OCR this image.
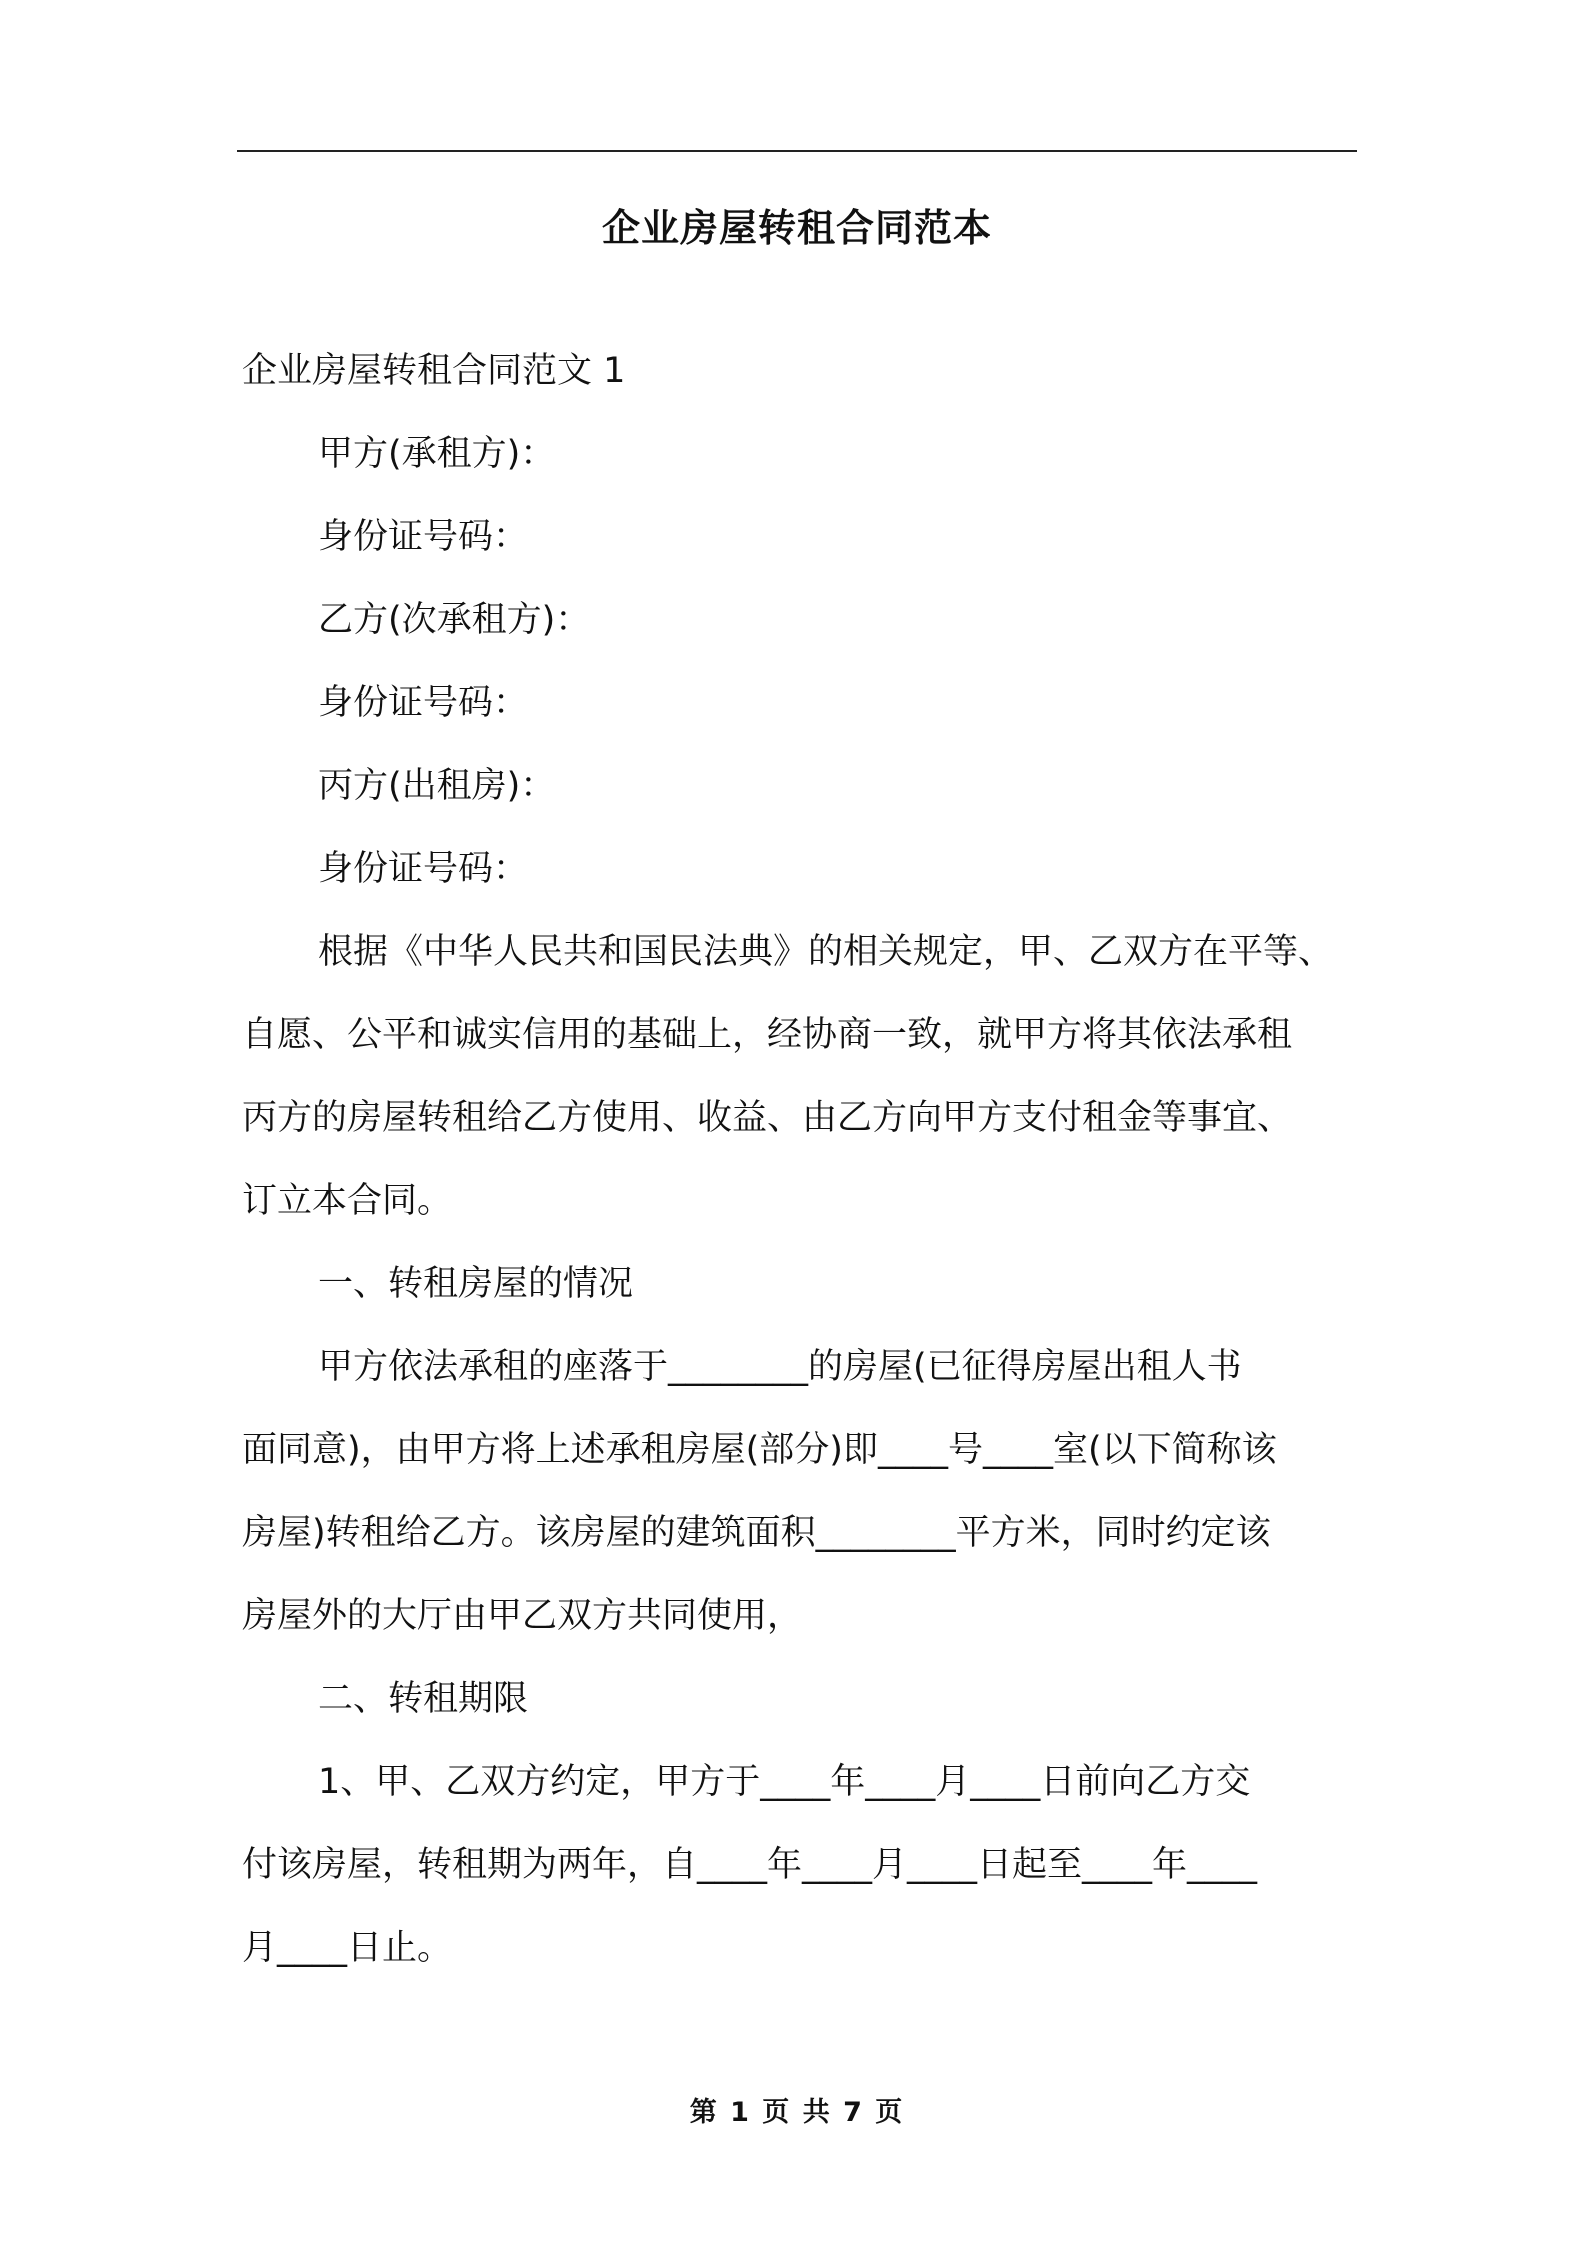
企业房屋转租合同范本
企业房屋转租合同范文 1
甲方(承租方)：
身份证号码：
乙方(次承租方)：
身份证号码：
丙方(出租房)：
身份证号码：
根据《中华人民共和国民法典》的相关规定，甲、乙双方在平等、
自愿、公平和诚实信用的基础上，经协商一致，就甲方将其依法承租
丙方的房屋转租给乙方使用、收益、由乙方向甲方支付租金等事宜、
订立本合同。
一、转租房屋的情况
甲方依法承租的座落于________的房屋(已征得房屋出租人书
面同意)，由甲方将上述承租房屋(部分)即____号____室(以下简称该
房屋)转租给乙方。该房屋的建筑面积________平方米，同时约定该
房屋外的大厅由甲乙双方共同使用，
二、转租期限
1、甲、乙双方约定，甲方于____年____月____日前向乙方交
付该房屋，转租期为两年，自____年____月____日起至____年____
月____日止。
第 1 页 共 7 页
